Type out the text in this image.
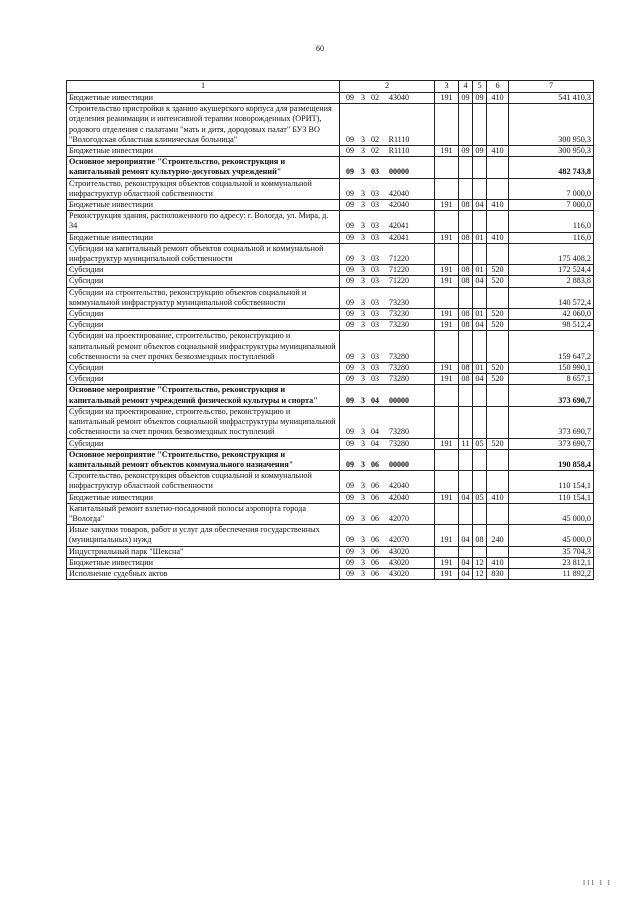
60
1	2	3	4	5	6	7
Бюджетные инвестиции	09 3 02 43040	191	09	09	410	541 410,3
Строительство пристройки к зданию акушерского корпуса для размещения отделения реанимации и интенсивной терапии новорожденных (ОРИТ), родового отделения с палатами "мать и дитя, дородовых палат" БУЗ ВО "Вологодская областная клиническая больница"	09 3 02 R1110					300 950,3
Бюджетные инвестиции	09 3 02 R1110	191	09	09	410	300 950,3
Основное мероприятие "Строительство, реконструкция и капитальный ремонт культурно-досуговых учреждений"	09 3 03 00000					482 743,8
Строительство, реконструкция объектов социальной и коммунальной инфраструктур областной собственности	09 3 03 42040					7 000,0
Бюджетные инвестиции	09 3 03 42040	191	08	04	410	7 000,0
Реконструкция здания, расположенного по адресу: г. Вологда, ул. Мира, д. 34	09 3 03 42041					116,0
Бюджетные инвестиции	09 3 03 42041	191	08	01	410	116,0
Субсидии на капитальный ремонт объектов социальной и коммунальной инфраструктур муниципальной собственности	09 3 03 71220					175 408,2
Субсидии	09 3 03 71220	191	08	01	520	172 524,4
Субсидии	09 3 03 71220	191	08	04	520	2 883,8
Субсидии на строительство, реконструкцию объектов социальной и коммунальной инфраструктур муниципальной собственности	09 3 03 73230					140 572,4
Субсидии	09 3 03 73230	191	08	01	520	42 060,0
Субсидии	09 3 03 73230	191	08	04	520	98 512,4
Субсидии на проектирование, строительство, реконструкцию и капитальный ремонт объектов социальной инфраструктуры муниципальной собственности за счет прочих безвозмездных поступлений	09 3 03 73280					159 647,2
Субсидии	09 3 03 73280	191	08	01	520	150 990,1
Субсидии	09 3 03 73280	191	08	04	520	8 657,1
Основное мероприятие "Строительство, реконструкция и капитальный ремонт учреждений физической культуры и спорта"	09 3 04 00000					373 690,7
Субсидии на проектирование, строительство, реконструкцию и капитальный ремонт объектов социальной инфраструктуры муниципальной собственности за счет прочих безвозмездных поступлений	09 3 04 73280					373 690,7
Субсидии	09 3 04 73280	191	11	05	520	373 690,7
Основное мероприятие "Строительство, реконструкция и капитальный ремонт объектов коммунального назначения"	09 3 06 00000					190 858,4
Строительство, реконструкция объектов социальной и коммунальной инфраструктур областной собственности	09 3 06 42040					110 154,1
Бюджетные инвестиции	09 3 06 42040	191	04	05	410	110 154,1
Капитальный ремонт взлетно-посадочной полосы аэропорта города "Вологда"	09 3 06 42070					45 000,0
Иные закупки товаров, работ и услуг для обеспечения государственных (муниципальных) нужд	09 3 06 42070	191	04	08	240	45 000,0
Индустриальный парк "Шексна"	09 3 06 43020					35 704,3
Бюджетные инвестиции	09 3 06 43020	191	04	12	410	23 812,1
Исполнение судебных актов	09 3 06 43020	191	04	12	830	11 892,2
III I I
